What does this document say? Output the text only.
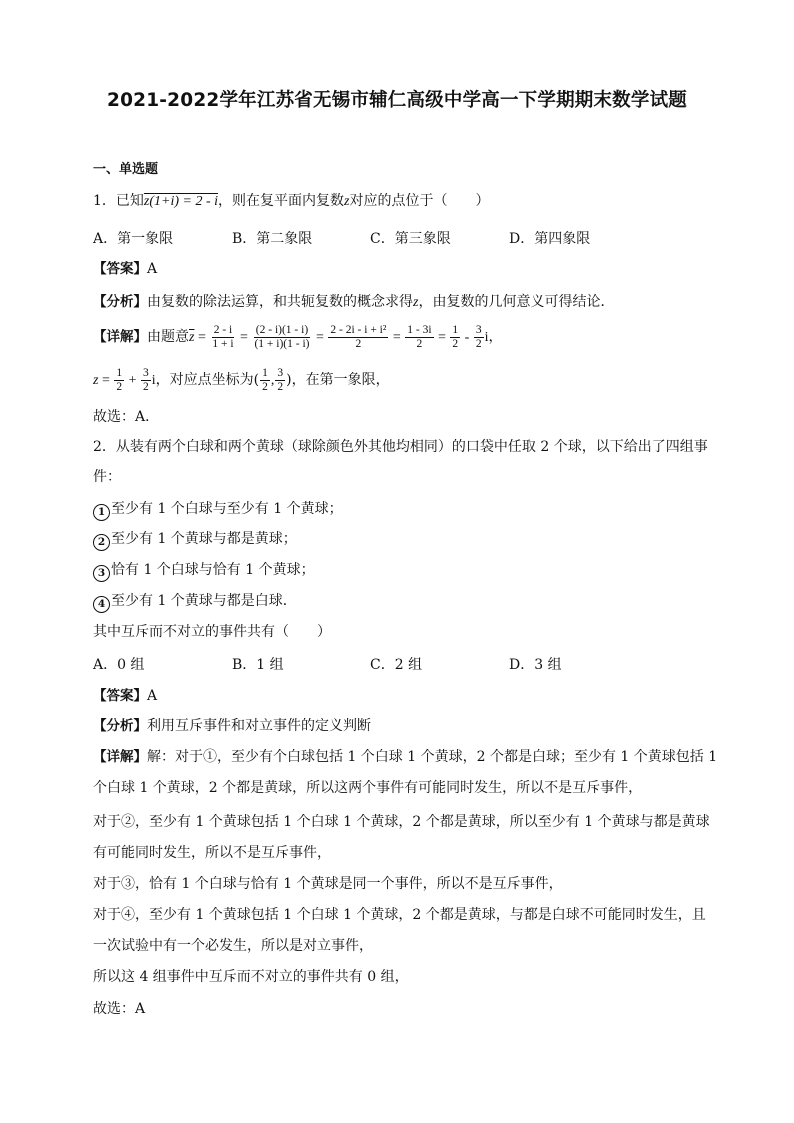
2021-2022学年江苏省无锡市辅仁高级中学高一下学期期末数学试题
一、单选题
1．已知z(1+i) = 2 - i，则在复平面内复数z对应的点位于（　　）
A．第一象限	B．第二象限	C．第三象限	D．第四象限
【答案】A
【分析】由复数的除法运算，和共轭复数的概念求得z，由复数的几何意义可得结论．
【详解】由题意$\overline{z} = \frac{2 - i}{1 + i} = \frac{(2 - i)(1 - i)}{(1 + i)(1 - i)} = \frac{\text{2 - 2i - i + i²}}{2} = \frac{1 - 3i}{2} = \frac{1}{2} - \frac{3}{2}$ i，
$z = \frac{1}{2} + \frac{3}{2}$ i，对应点坐标为( $\frac{1}{2}$ , $\frac{3}{2}$ )，在第一象限，
故选：A．
2．从装有两个白球和两个黄球（球除颜色外其他均相同）的口袋中任取 2 个球，以下给出了四组事
件：
1 至少有 1 个白球与至少有 1 个黄球；
2 至少有 1 个黄球与都是黄球；
3 恰有 1 个白球与恰有 1 个黄球；
4 至少有 1 个黄球与都是白球．
其中互斥而不对立的事件共有（　　）
A．0 组	B．1 组	C．2 组	D．3 组
【答案】A
【分析】利用互斥事件和对立事件的定义判断
【详解】解：对于①，至少有个白球包括 1 个白球 1 个黄球，2 个都是白球；至少有 1 个黄球包括 1
个白球 1 个黄球，2 个都是黄球，所以这两个事件有可能同时发生，所以不是互斥事件，
对于②，至少有 1 个黄球包括 1 个白球 1 个黄球，2 个都是黄球，所以至少有 1 个黄球与都是黄球
有可能同时发生，所以不是互斥事件，
对于③，恰有 1 个白球与恰有 1 个黄球是同一个事件，所以不是互斥事件，
对于④，至少有 1 个黄球包括 1 个白球 1 个黄球，2 个都是黄球，与都是白球不可能同时发生，且
一次试验中有一个必发生，所以是对立事件，
所以这 4 组事件中互斥而不对立的事件共有 0 组，
故选：A
